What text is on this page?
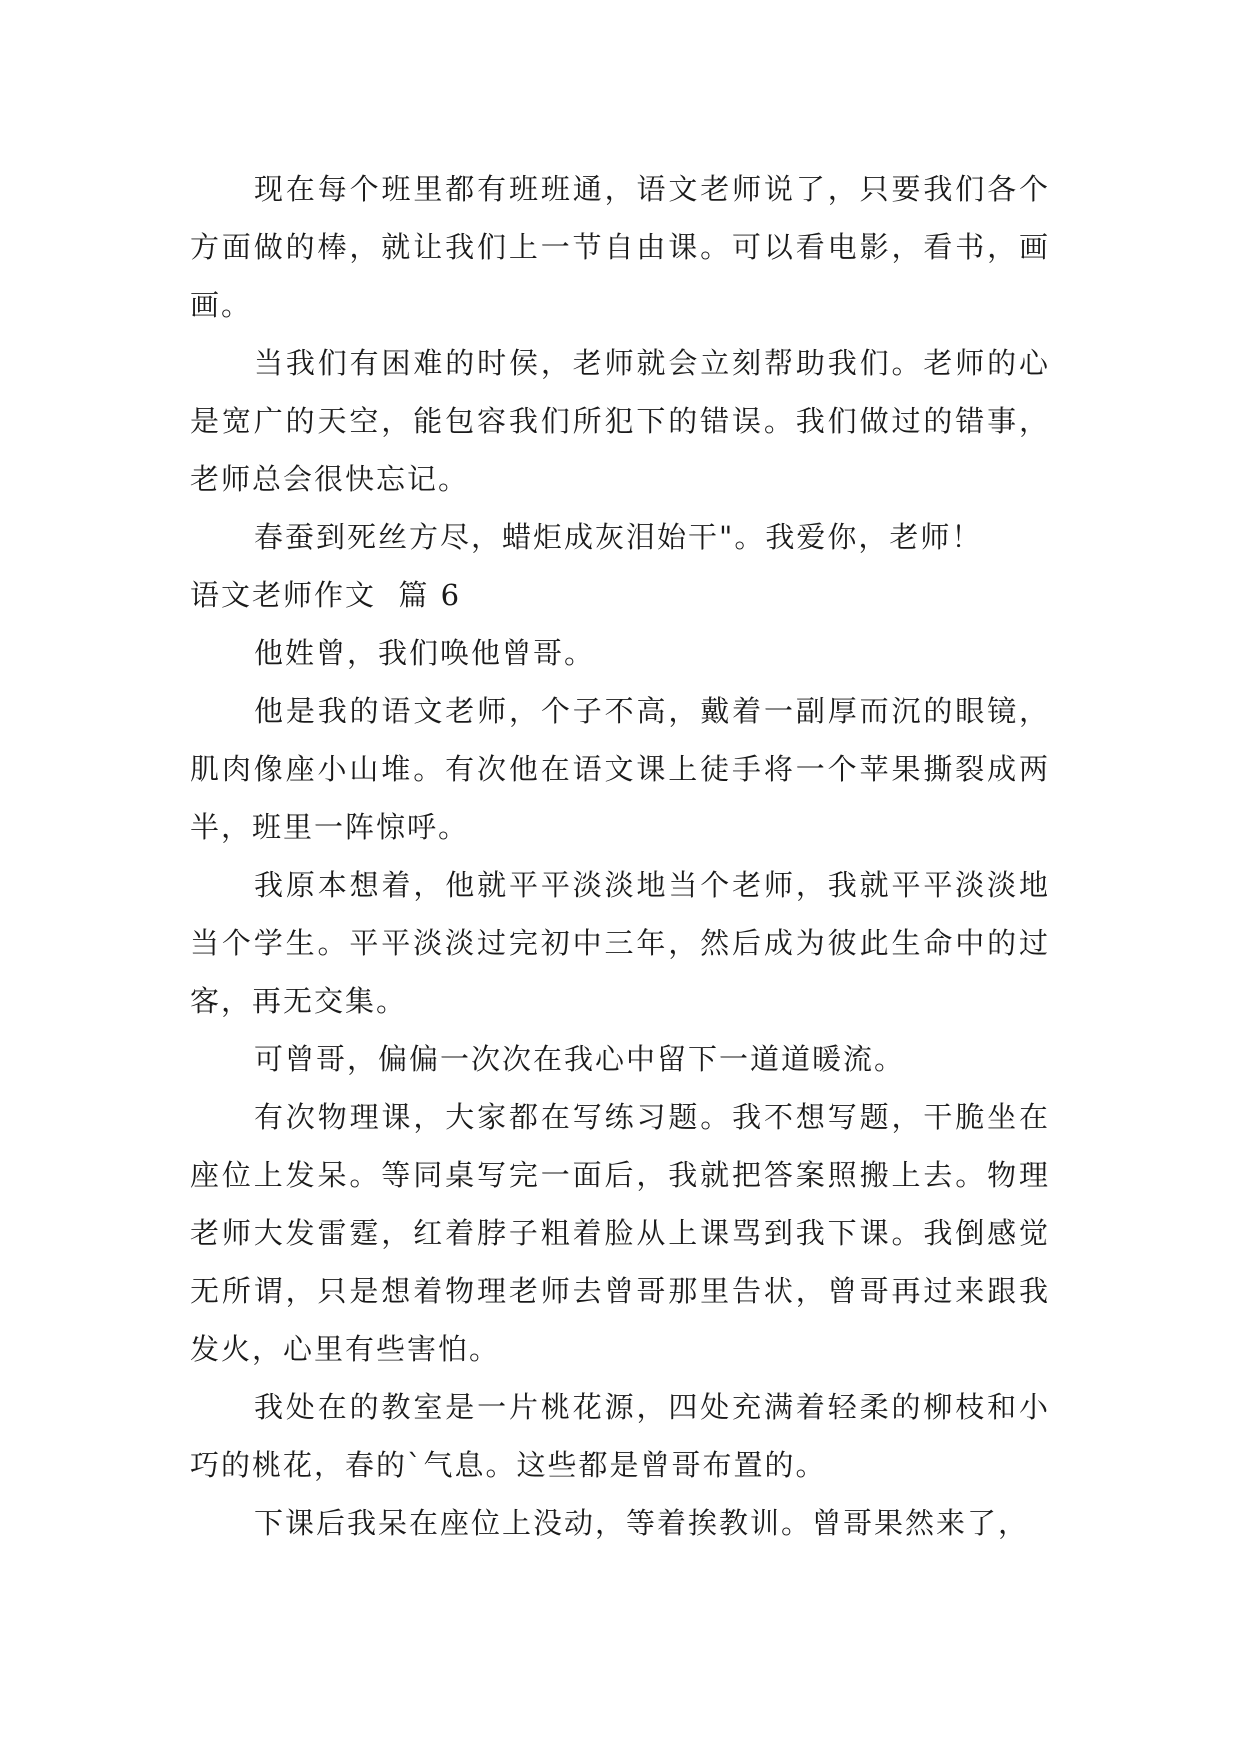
现在每个班里都有班班通，语文老师说了，只要我们各个方面做的棒，就让我们上一节自由课。可以看电影，看书，画画。

当我们有困难的时侯，老师就会立刻帮助我们。老师的心是宽广的天空，能包容我们所犯下的错误。我们做过的错事，老师总会很快忘记。

春蚕到死丝方尽，蜡炬成灰泪始干"。我爱你，老师！

语文老师作文  篇 6

他姓曾，我们唤他曾哥。

他是我的语文老师，个子不高，戴着一副厚而沉的眼镜，肌肉像座小山堆。有次他在语文课上徒手将一个苹果撕裂成两半，班里一阵惊呼。

我原本想着，他就平平淡淡地当个老师，我就平平淡淡地当个学生。平平淡淡过完初中三年，然后成为彼此生命中的过客，再无交集。

可曾哥，偏偏一次次在我心中留下一道道暖流。

有次物理课，大家都在写练习题。我不想写题，干脆坐在座位上发呆。等同桌写完一面后，我就把答案照搬上去。物理老师大发雷霆，红着脖子粗着脸从上课骂到我下课。我倒感觉无所谓，只是想着物理老师去曾哥那里告状，曾哥再过来跟我发火，心里有些害怕。

我处在的教室是一片桃花源，四处充满着轻柔的柳枝和小巧的桃花，春的`气息。这些都是曾哥布置的。

下课后我呆在座位上没动，等着挨教训。曾哥果然来了，
